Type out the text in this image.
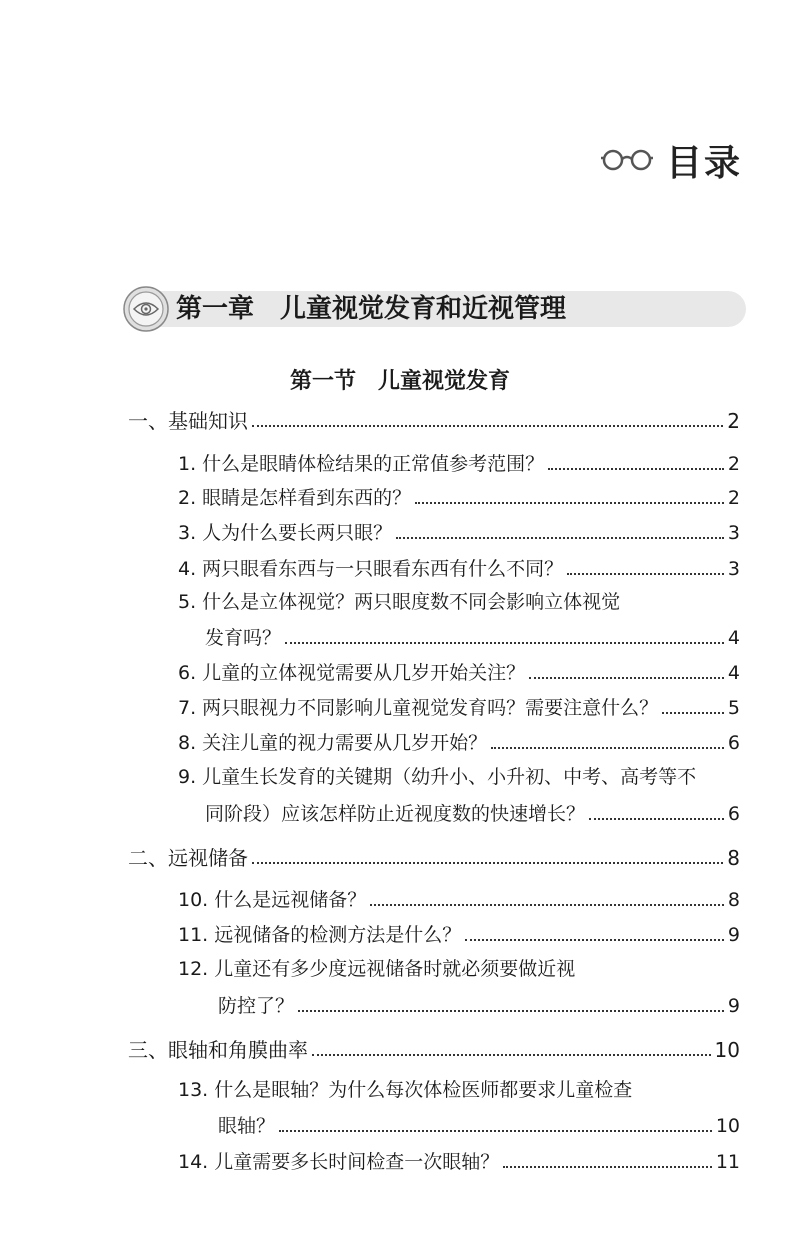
目录
第一章　儿童视觉发育和近视管理
第一节　儿童视觉发育
一、基础知识	2
1. 什么是眼睛体检结果的正常值参考范围？	2
2. 眼睛是怎样看到东西的？	2
3. 人为什么要长两只眼？	3
4. 两只眼看东西与一只眼看东西有什么不同？	3
5. 什么是立体视觉？两只眼度数不同会影响立体视觉
发育吗？	4
6. 儿童的立体视觉需要从几岁开始关注？	4
7. 两只眼视力不同影响儿童视觉发育吗？需要注意什么？	5
8. 关注儿童的视力需要从几岁开始？	6
9. 儿童生长发育的关键期（幼升小、小升初、中考、高考等不
同阶段）应该怎样防止近视度数的快速增长？	6
二、远视储备	8
10. 什么是远视储备？	8
11. 远视储备的检测方法是什么？	9
12. 儿童还有多少度远视储备时就必须要做近视
防控了？	9
三、眼轴和角膜曲率	10
13. 什么是眼轴？为什么每次体检医师都要求儿童检查
眼轴？	10
14. 儿童需要多长时间检查一次眼轴？	11
